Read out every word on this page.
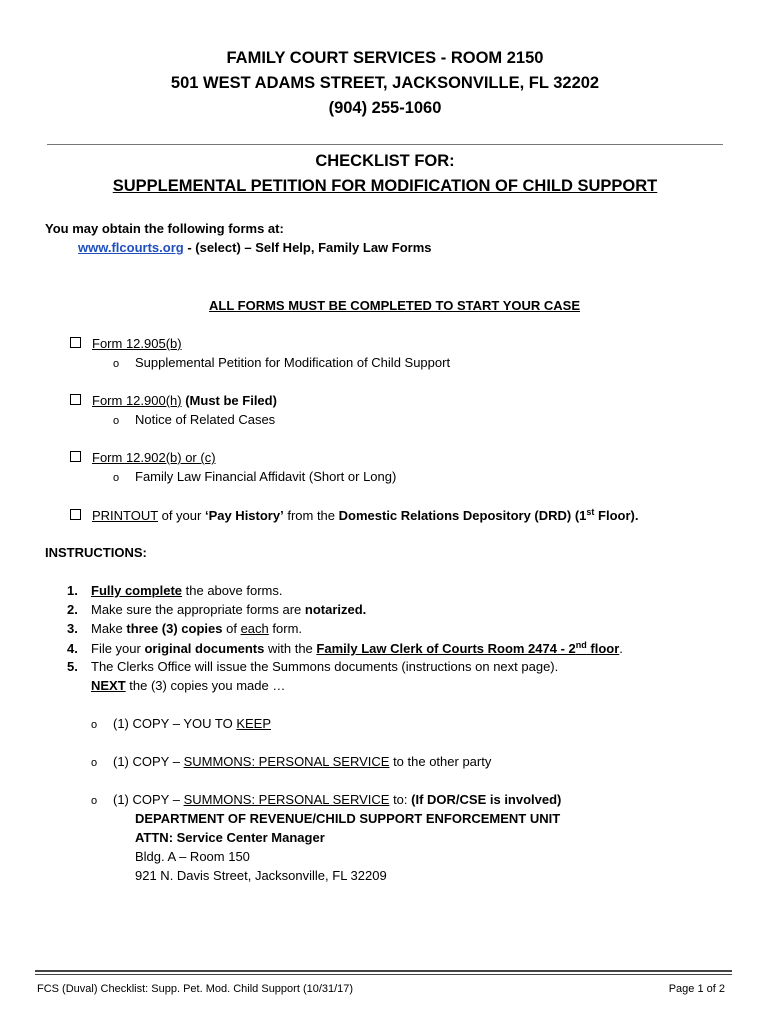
FAMILY COURT SERVICES - ROOM 2150
501 WEST ADAMS STREET, JACKSONVILLE, FL 32202
(904) 255-1060
CHECKLIST FOR:
SUPPLEMENTAL PETITION FOR MODIFICATION OF CHILD SUPPORT
You may obtain the following forms at:
www.flcourts.org - (select) – Self Help, Family Law Forms
ALL FORMS MUST BE COMPLETED TO START YOUR CASE
Form 12.905(b)
o Supplemental Petition for Modification of Child Support
Form 12.900(h) (Must be Filed)
o Notice of Related Cases
Form 12.902(b) or (c)
o Family Law Financial Affidavit (Short or Long)
PRINTOUT of your ‘Pay History’ from the Domestic Relations Depository (DRD) (1st Floor).
INSTRUCTIONS:
1. Fully complete the above forms.
2. Make sure the appropriate forms are notarized.
3. Make three (3) copies of each form.
4. File your original documents with the Family Law Clerk of Courts Room 2474 - 2nd floor.
5. The Clerks Office will issue the Summons documents (instructions on next page).
NEXT the (3) copies you made …
o (1) COPY – YOU TO KEEP
o (1) COPY – SUMMONS: PERSONAL SERVICE to the other party
o (1) COPY – SUMMONS: PERSONAL SERVICE to: (If DOR/CSE is involved)
DEPARTMENT OF REVENUE/CHILD SUPPORT ENFORCEMENT UNIT
ATTN: Service Center Manager
Bldg. A – Room 150
921 N. Davis Street, Jacksonville, FL 32209
FCS (Duval) Checklist: Supp. Pet. Mod. Child Support (10/31/17)	Page 1 of 2
